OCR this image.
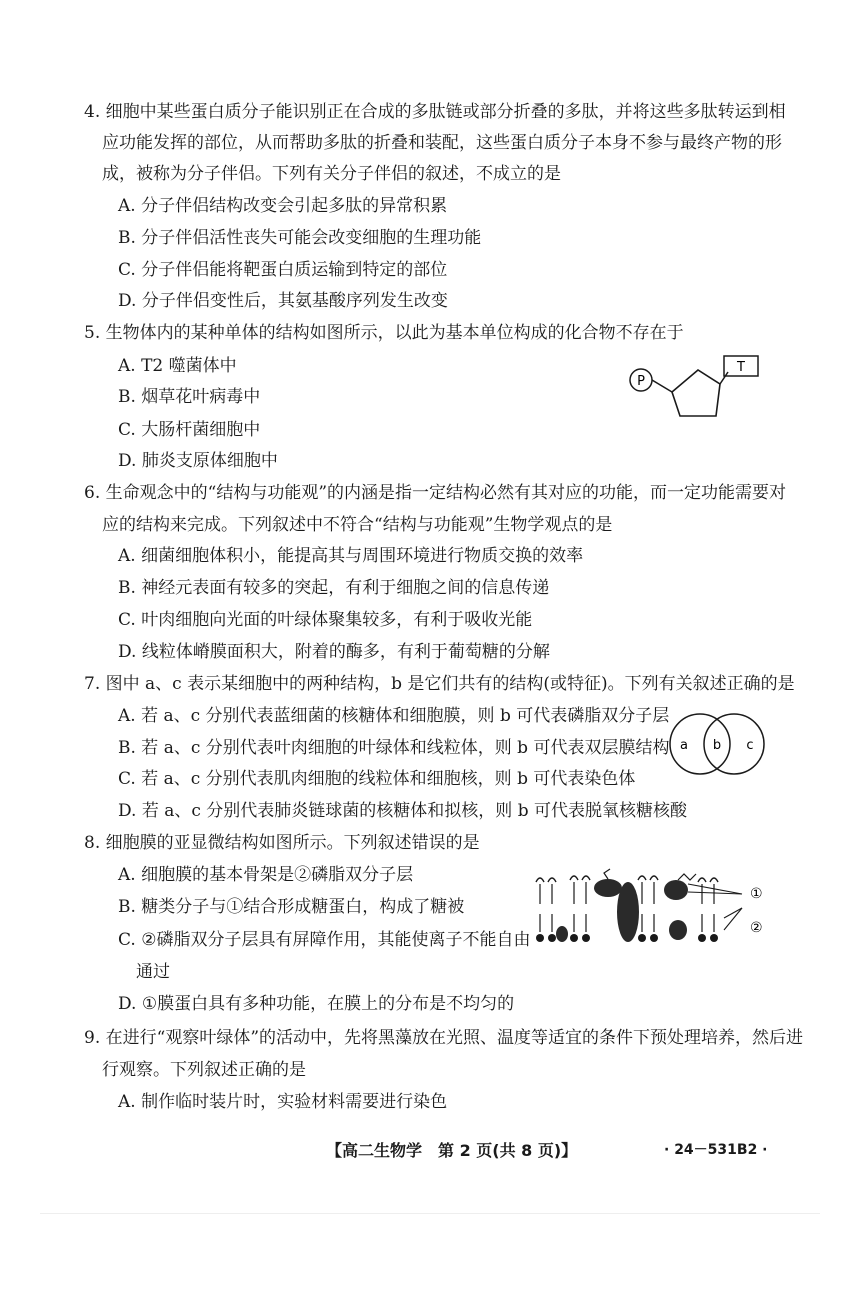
4. 细胞中某些蛋白质分子能识别正在合成的多肽链或部分折叠的多肽，并将这些多肽转运到相
应功能发挥的部位，从而帮助多肽的折叠和装配，这些蛋白质分子本身不参与最终产物的形
成，被称为分子伴侣。下列有关分子伴侣的叙述，不成立的是
A. 分子伴侣结构改变会引起多肽的异常积累
B. 分子伴侣活性丧失可能会改变细胞的生理功能
C. 分子伴侣能将靶蛋白质运输到特定的部位
D. 分子伴侣变性后，其氨基酸序列发生改变
5. 生物体内的某种单体的结构如图所示，以此为基本单位构成的化合物不存在于
A. T2 噬菌体中
B. 烟草花叶病毒中
C. 大肠杆菌细胞中
D. 肺炎支原体细胞中
P
T
6. 生命观念中的“结构与功能观”的内涵是指一定结构必然有其对应的功能，而一定功能需要对
应的结构来完成。下列叙述中不符合“结构与功能观”生物学观点的是
A. 细菌细胞体积小，能提高其与周围环境进行物质交换的效率
B. 神经元表面有较多的突起，有利于细胞之间的信息传递
C. 叶肉细胞向光面的叶绿体聚集较多，有利于吸收光能
D. 线粒体嵴膜面积大，附着的酶多，有利于葡萄糖的分解
7. 图中 a、c 表示某细胞中的两种结构，b 是它们共有的结构(或特征)。下列有关叙述正确的是
A. 若 a、c 分别代表蓝细菌的核糖体和细胞膜，则 b 可代表磷脂双分子层
B. 若 a、c 分别代表叶肉细胞的叶绿体和线粒体，则 b 可代表双层膜结构
C. 若 a、c 分别代表肌肉细胞的线粒体和细胞核，则 b 可代表染色体
D. 若 a、c 分别代表肺炎链球菌的核糖体和拟核，则 b 可代表脱氧核糖核酸
a b c
8. 细胞膜的亚显微结构如图所示。下列叙述错误的是
A. 细胞膜的基本骨架是②磷脂双分子层
B. 糖类分子与①结合形成糖蛋白，构成了糖被
C. ②磷脂双分子层具有屏障作用，其能使离子不能自由
通过
D. ①膜蛋白具有多种功能，在膜上的分布是不均匀的
①
②
9. 在进行“观察叶绿体”的活动中，先将黑藻放在光照、温度等适宜的条件下预处理培养，然后进
行观察。下列叙述正确的是
A. 制作临时装片时，实验材料需要进行染色
【高二生物学　第 2 页(共 8 页)】	· 24－531B2 ·
